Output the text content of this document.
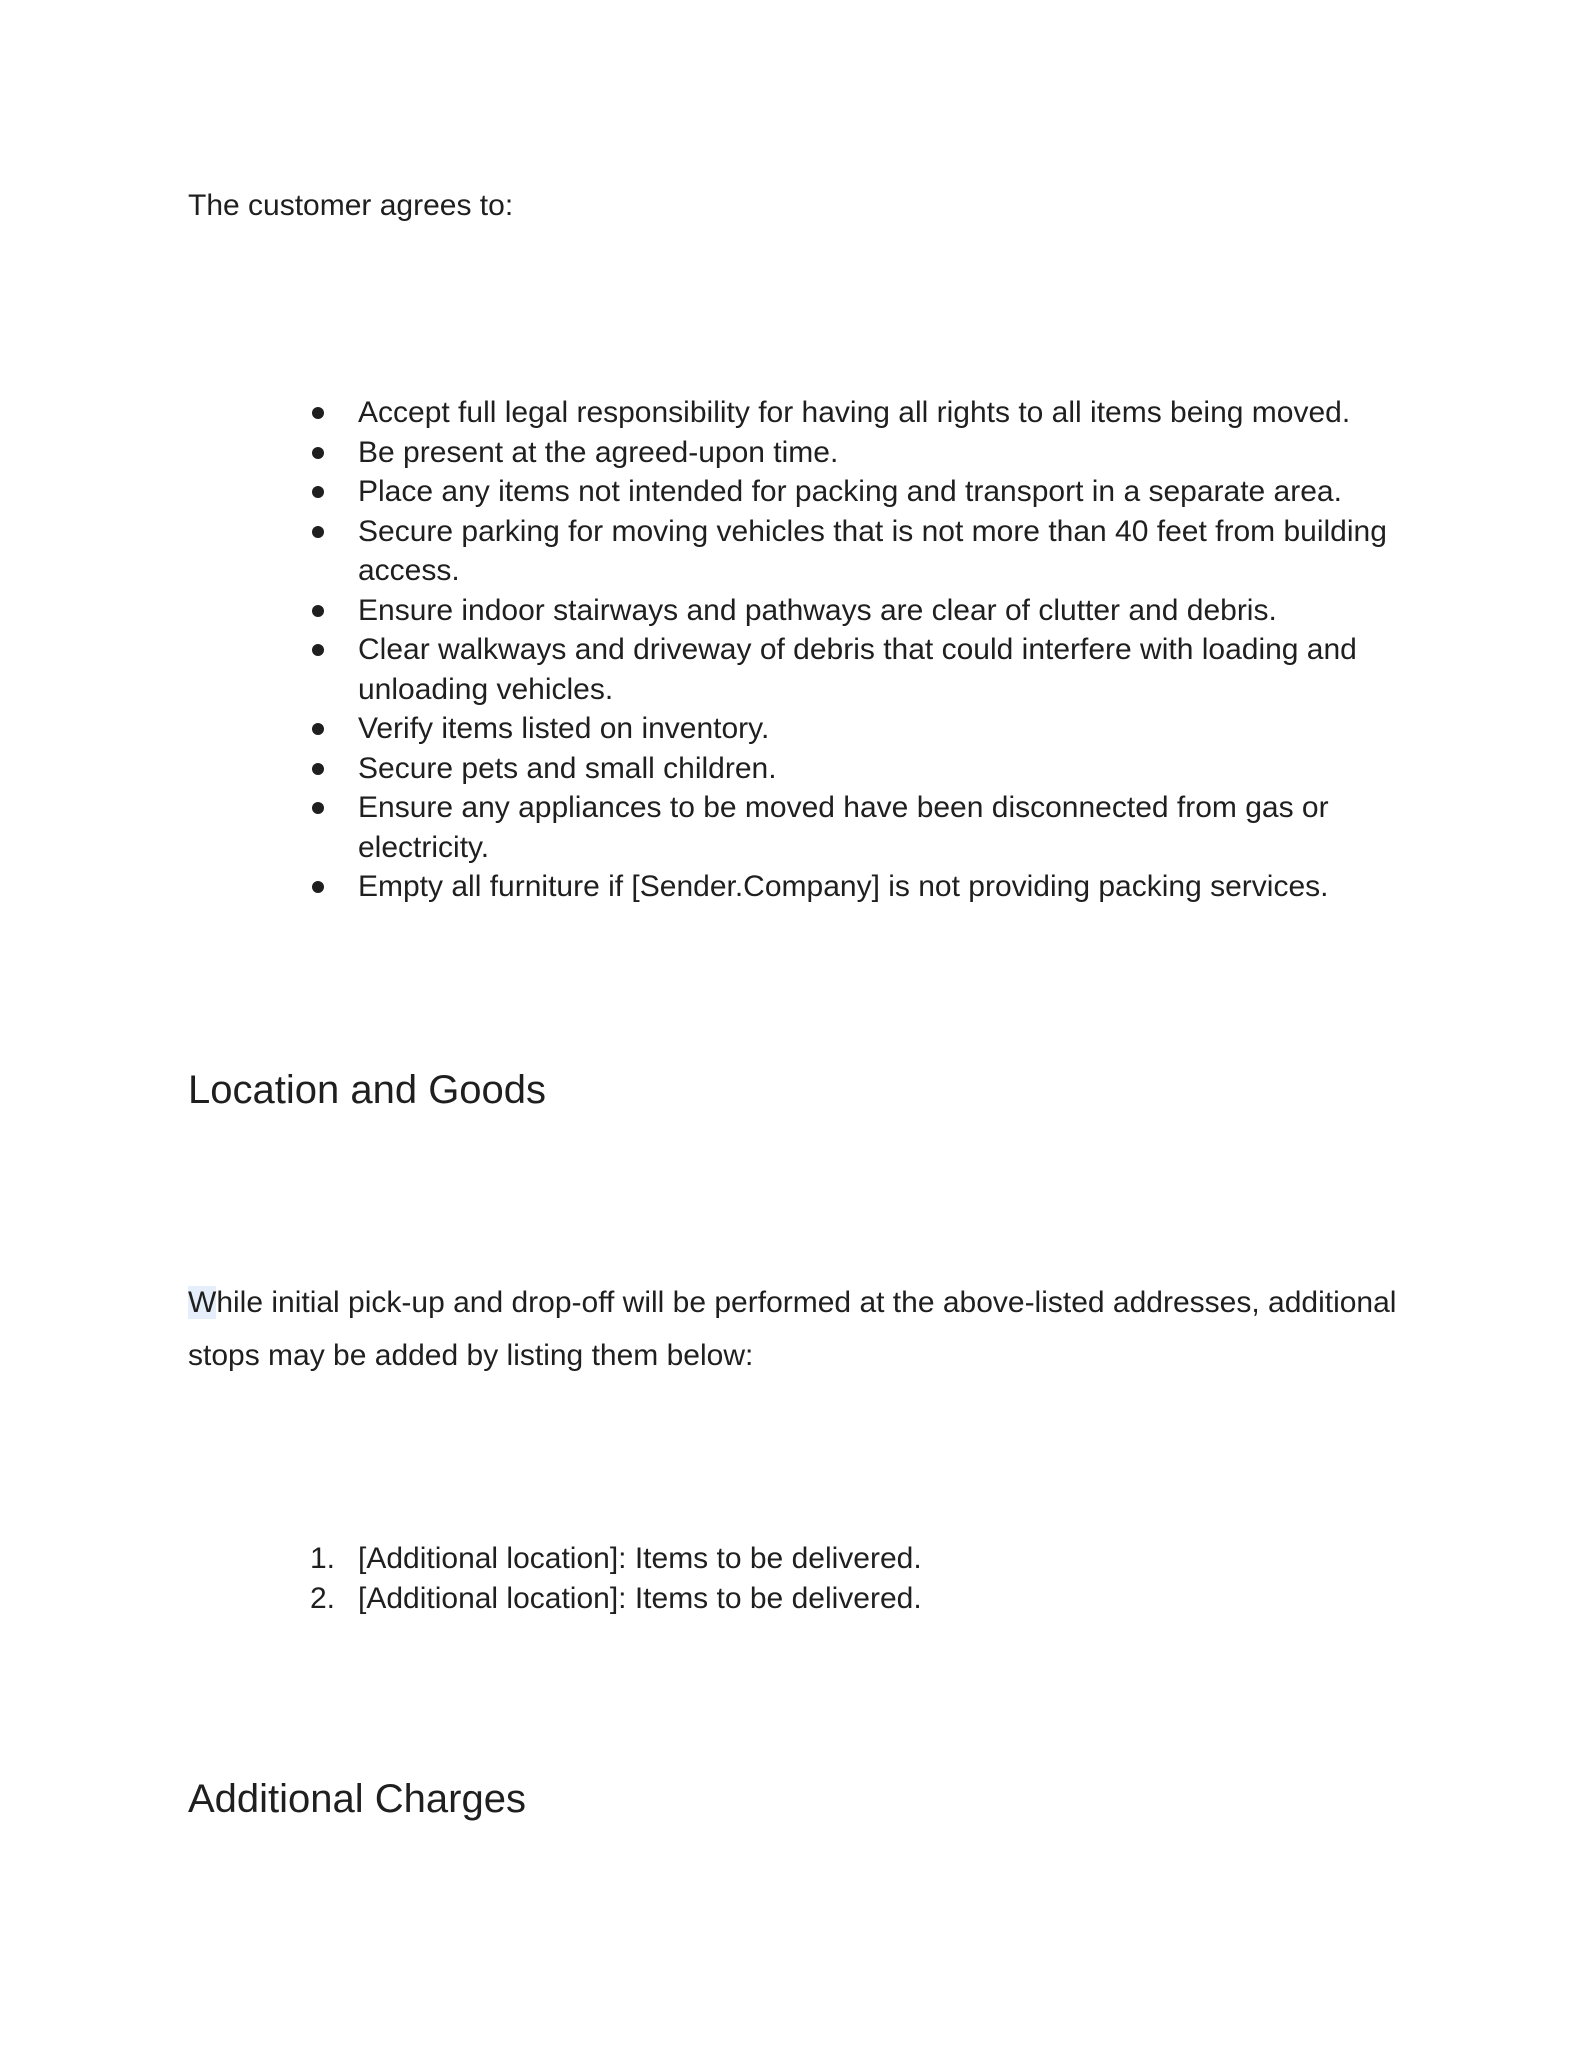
The customer agrees to:

Accept full legal responsibility for having all rights to all items being moved.
Be present at the agreed-upon time.
Place any items not intended for packing and transport in a separate area.
Secure parking for moving vehicles that is not more than 40 feet from building access.
Ensure indoor stairways and pathways are clear of clutter and debris.
Clear walkways and driveway of debris that could interfere with loading and unloading vehicles.
Verify items listed on inventory.
Secure pets and small children.
Ensure any appliances to be moved have been disconnected from gas or electricity.
Empty all furniture if [Sender.Company] is not providing packing services.
Location and Goods

While initial pick-up and drop-off will be performed at the above-listed addresses, additional stops may be added by listing them below:

1. [Additional location]: Items to be delivered.
2. [Additional location]: Items to be delivered.
Additional Charges
